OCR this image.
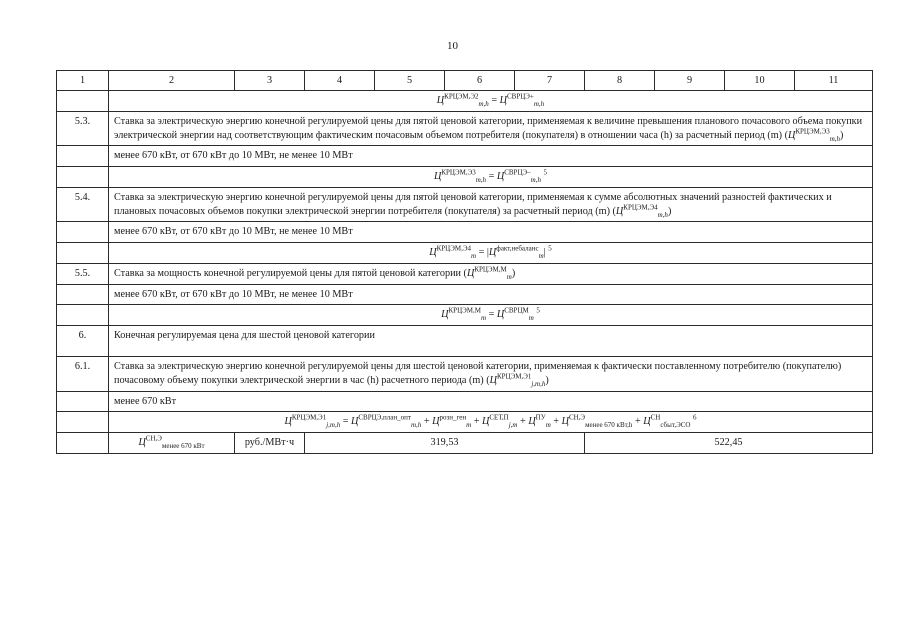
10
1	2	3	4	5	6	7	8	9	10	11
	$Ц^{КРЦЭМ,Э2}_{m,h} = Ц^{СВРЦЭ+}_{m,h}$
5.3.	Ставка за электрическую энергию конечной регулируемой цены для пятой ценовой категории, применяемая к величине превышения планового почасового объема покупки электрической энергии над соответствующим фактическим почасовым объемом потребителя (покупателя) в отношении часа (h) за расчетный период (m) $(Ц^{КРЦЭМ,Э3}_{m,h})$									
	менее 670 кВт, от 670 кВт до 10 МВт, не менее 10 МВт									
	$Ц^{КРЦЭМ,Э3}_{m,h} = Ц^{СВРЦЭ-}_{m,h}$ $^5$
5.4.	Ставка за электрическую энергию конечной регулируемой цены для пятой ценовой категории, применяемая к сумме абсолютных значений разностей фактических и плановых почасовых объемов покупки электрической энергии потребителя (покупателя) за расчетный период (m) $(Ц^{КРЦЭМ,Э4}_{m,h})$									
	менее 670 кВт, от 670 кВт до 10 МВт, не менее 10 МВт									
	$Ц^{КРЦЭМ,Э4}_m = |Ц^{факт,небаланс}_m|$ $^5$
5.5.	Ставка за мощность конечной регулируемой цены для пятой ценовой категории $(Ц^{КРЦЭМ,М}_m)$									
	менее 670 кВт, от 670 кВт до 10 МВт, не менее 10 МВт									
	$Ц^{КРЦЭМ,М}_m = Ц^{СВРЦМ}_m$ $^5$
6.	Конечная регулируемая цена для шестой ценовой категории									
6.1.	Ставка за электрическую энергию конечной регулируемой цены для шестой ценовой категории, применяемая к фактически поставленному потребителю (покупателю) почасовому объему покупки электрической энергии в час (h) расчетного периода (m) $(Ц^{КРЦЭМ,Э1}_{j,m,h})$									
	менее 670 кВт									
	$Ц^{КРЦЭМ,Э1}_{j,m,h} = Ц^{СВРЦЭ,план\_опт}_{m,h} + Ц^{розн\_ген}_m + Ц^{СЕТ,П}_{j,m} + Ц^{ПУ}_m + Ц^{СН,Э}_{менее 670 кВт,h} + Ц^{СН}_{сбыт,ЭСО}$ $^6$
	$Ц^{СН,Э}_{менее 670 кВт}$	руб./МВт·ч	319,53				522,45			
